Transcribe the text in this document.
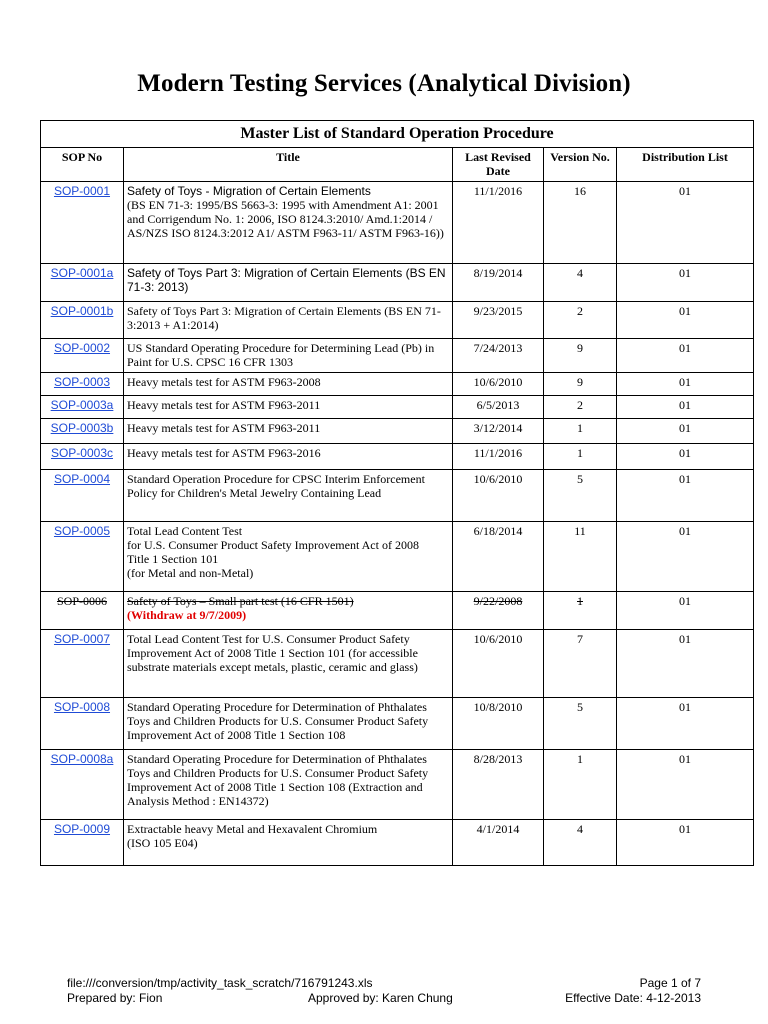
Modern Testing Services (Analytical Division)
Master List of Standard Operation Procedure				
SOP No	Title	Last Revised Date	Version No.	Distribution List
SOP-0001	Safety of Toys - Migration of Certain Elements
(BS EN 71-3: 1995/BS 5663-3: 1995 with Amendment A1: 2001 and Corrigendum No. 1: 2006, ISO 8124.3:2010/ Amd.1:2014 / AS/NZS ISO 8124.3:2012 A1/ ASTM F963-11/ ASTM F963-16))	11/1/2016	16	01
SOP-0001a	Safety of Toys Part 3: Migration of Certain Elements (BS EN 71-3: 2013)	8/19/2014	4	01
SOP-0001b	Safety of Toys Part 3: Migration of Certain Elements (BS EN 71-3:2013 + A1:2014)	9/23/2015	2	01
SOP-0002	US Standard Operating Procedure for Determining Lead (Pb) in Paint for U.S. CPSC 16 CFR 1303	7/24/2013	9	01
SOP-0003	Heavy metals test for ASTM F963-2008	10/6/2010	9	01
SOP-0003a	Heavy metals test for ASTM F963-2011	6/5/2013	2	01
SOP-0003b	Heavy metals test for ASTM F963-2011	3/12/2014	1	01
SOP-0003c	Heavy metals test for ASTM F963-2016	11/1/2016	1	01
SOP-0004	Standard Operation Procedure for CPSC Interim Enforcement Policy for Children's Metal Jewelry Containing Lead	10/6/2010	5	01
SOP-0005	Total Lead Content Test
for U.S. Consumer Product Safety Improvement Act of 2008
Title 1 Section 101
(for Metal and non-Metal)	6/18/2014	11	01
SOP-0006	Safety of Toys – Small part test (16 CFR 1501)
(Withdraw at 9/7/2009)	9/22/2008	1	01
SOP-0007	Total Lead Content Test for U.S. Consumer Product Safety Improvement Act of 2008 Title 1 Section 101 (for accessible substrate materials except metals, plastic, ceramic and glass)	10/6/2010	7	01
SOP-0008	Standard Operating Procedure for Determination of Phthalates Toys and Children Products for U.S. Consumer Product Safety Improvement Act of 2008 Title 1 Section 108	10/8/2010	5	01
SOP-0008a	Standard Operating Procedure for Determination of Phthalates Toys and Children Products for U.S. Consumer Product Safety Improvement Act of 2008 Title 1 Section 108 (Extraction and Analysis Method : EN14372)	8/28/2013	1	01
SOP-0009	Extractable heavy Metal and Hexavalent Chromium
(ISO 105 E04)	4/1/2014	4	01
file:///conversion/tmp/activity_task_scratch/716791243.xls	Page 1 of 7
Prepared by: Fion	Approved by: Karen Chung	Effective Date: 4-12-2013
